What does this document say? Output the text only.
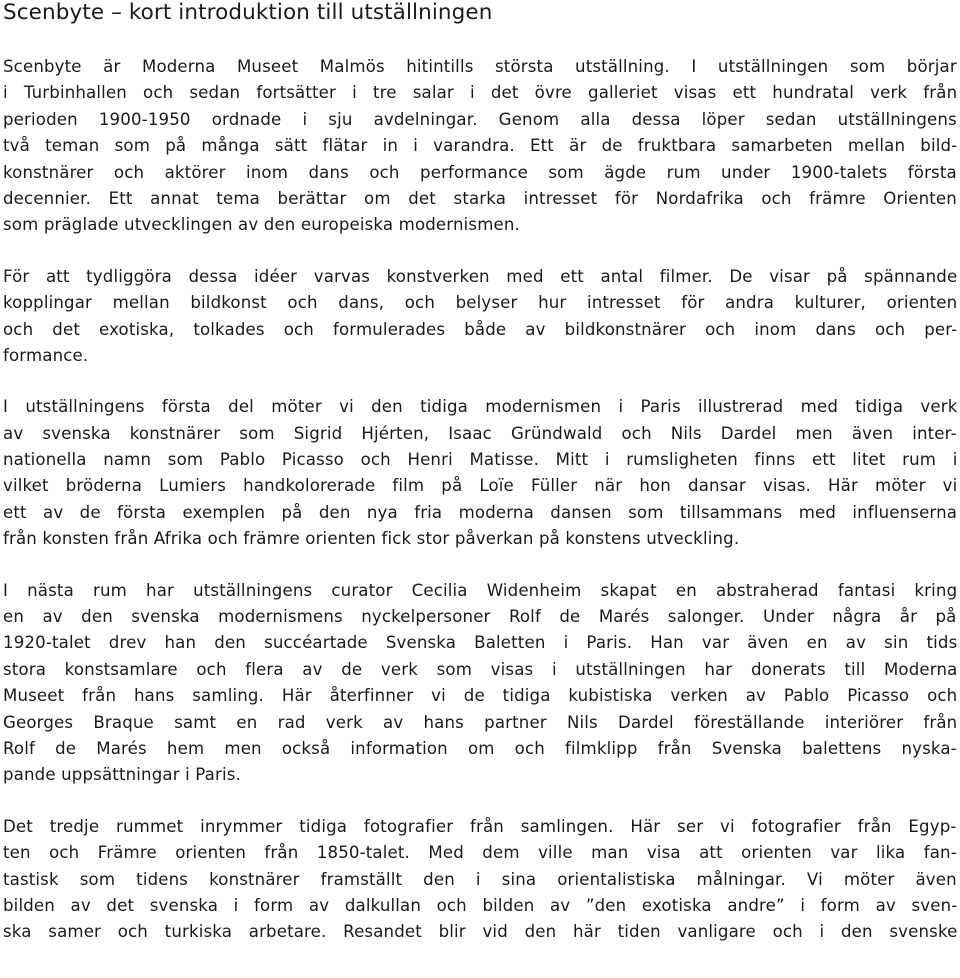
Scenbyte – kort introduktion till utställningen

Scenbyte är Moderna Museet Malmös hitintills största utställning. I utställningen som börjar
i Turbinhallen och sedan fortsätter i tre salar i det övre galleriet visas ett hundratal verk från
perioden 1900-1950 ordnade i sju avdelningar. Genom alla dessa löper sedan utställningens
två teman som på många sätt flätar in i varandra. Ett är de fruktbara samarbeten mellan bild-
konstnärer och aktörer inom dans och performance som ägde rum under 1900-talets första
decennier. Ett annat tema berättar om det starka intresset för Nordafrika och främre Orienten
som präglade utvecklingen av den europeiska modernismen.

För att tydliggöra dessa idéer varvas konstverken med ett antal filmer. De visar på spännande
kopplingar mellan bildkonst och dans, och belyser hur intresset för andra kulturer, orienten
och det exotiska, tolkades och formulerades både av bildkonstnärer och inom dans och per-
formance.

I utställningens första del möter vi den tidiga modernismen i Paris illustrerad med tidiga verk
av svenska konstnärer som Sigrid Hjérten, Isaac Gründwald och Nils Dardel men även inter-
nationella namn som Pablo Picasso och Henri Matisse. Mitt i rumsligheten finns ett litet rum i
vilket bröderna Lumiers handkolorerade film på Loïe Füller när hon dansar visas. Här möter vi
ett av de första exemplen på den nya fria moderna dansen som tillsammans med influenserna
från konsten från Afrika och främre orienten fick stor påverkan på konstens utveckling.

I nästa rum har utställningens curator Cecilia Widenheim skapat en abstraherad fantasi kring
en av den svenska modernismens nyckelpersoner Rolf de Marés salonger. Under några år på
1920-talet drev han den succéartade Svenska Baletten i Paris. Han var även en av sin tids
stora konstsamlare och flera av de verk som visas i utställningen har donerats till Moderna
Museet från hans samling. Här återfinner vi de tidiga kubistiska verken av Pablo Picasso och
Georges Braque samt en rad verk av hans partner Nils Dardel föreställande interiörer från
Rolf de Marés hem men också information om och filmklipp från Svenska balettens nyska-
pande uppsättningar i Paris.

Det tredje rummet inrymmer tidiga fotografier från samlingen. Här ser vi fotografier från Egyp-
ten och Främre orienten från 1850-talet. Med dem ville man visa att orienten var lika fan-
tastisk som tidens konstnärer framställt den i sina orientalistiska målningar. Vi möter även
bilden av det svenska i form av dalkullan och bilden av ”den exotiska andre” i form av sven-
ska samer och turkiska arbetare. Resandet blir vid den här tiden vanligare och i den svenske
